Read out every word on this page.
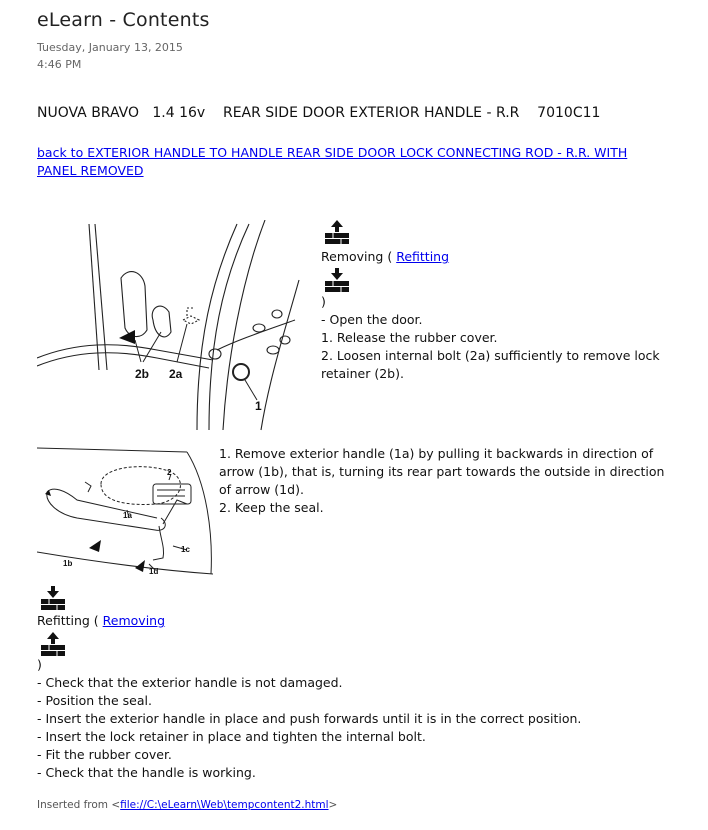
eLearn - Contents
Tuesday, January 13, 2015
4:46 PM
NUOVA BRAVO   1.4 16v    REAR SIDE DOOR EXTERIOR HANDLE - R.R    7010C11
back to EXTERIOR HANDLE TO HANDLE REAR SIDE DOOR LOCK CONNECTING ROD - R.R. WITH PANEL REMOVED
2b 2a
1
Removing ( Refitting
)
- Open the door.
1. Release the rubber cover.
2. Loosen internal bolt (2a) sufficiently to remove lock
retainer (2b).
2
1a
1b
1c
1d
1. Remove exterior handle (1a) by pulling it backwards in direction of
arrow (1b), that is, turning its rear part towards the outside in direction
of arrow (1d).
2. Keep the seal.
Refitting ( Removing
)
- Check that the exterior handle is not damaged.
- Position the seal.
- Insert the exterior handle in place and push forwards until it is in the correct position.
- Insert the lock retainer in place and tighten the internal bolt.
- Fit the rubber cover.
- Check that the handle is working.
Inserted from <file://C:\eLearn\Web\tempcontent2.html>
